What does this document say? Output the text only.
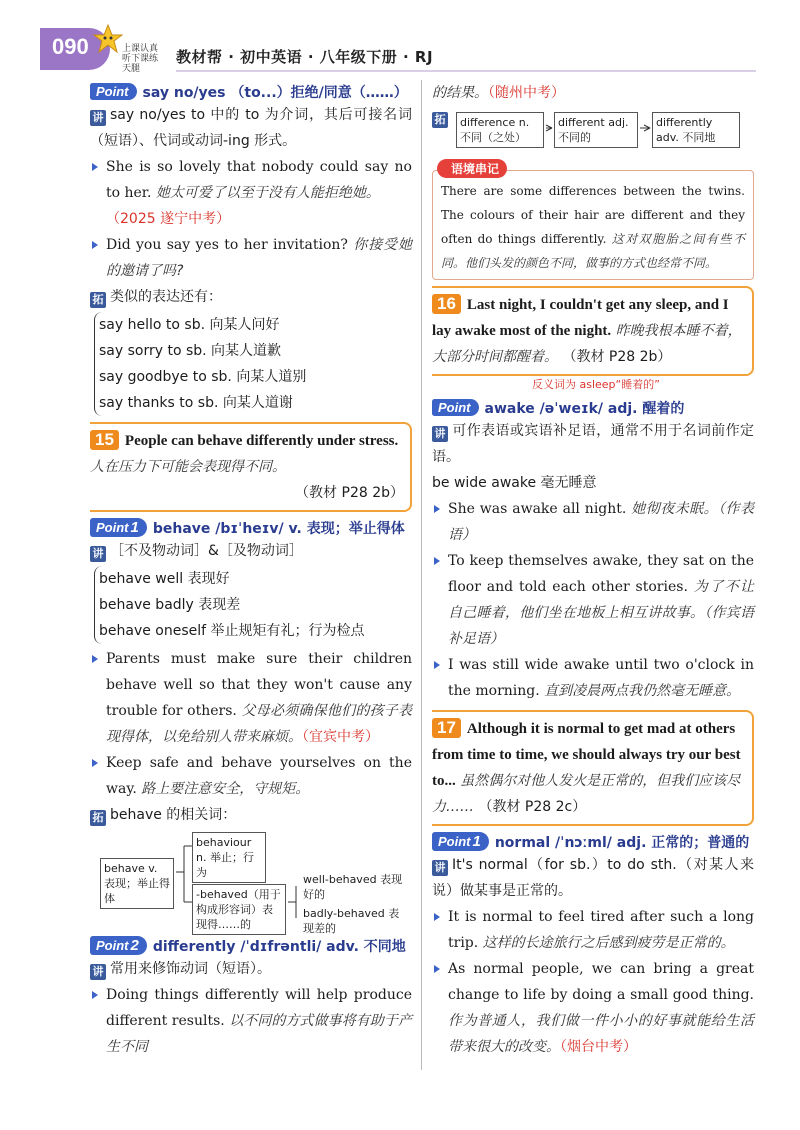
090	上课认真听下课练天腿
教材帮 · 初中英语 · 八年级下册 · RJ
Point say no/yes （to...）拒绝/同意（……）
讲 say no/yes to 中的 to 为介词，其后可接名词（短语）、代词或动词-ing 形式。
She is so lovely that nobody could say no to her. 她太可爱了以至于没有人能拒绝她。
（2025 遂宁中考）
Did you say yes to her invitation? 你接受她的邀请了吗?
拓 类似的表达还有：
say hello to sb. 向某人问好
say sorry to sb. 向某人道歉
say goodbye to sb. 向某人道别
say thanks to sb. 向某人道谢
15 People can behave differently under stress. 人在压力下可能会表现得不同。
（教材 P28 2b）
Point 1 behave /bɪˈheɪv/ v. 表现；举止得体
讲 ［不及物动词］&［及物动词］
behave well 表现好
behave badly 表现差
behave oneself 举止规矩有礼；行为检点
Parents must make sure their children behave well so that they won't cause any trouble for others. 父母必须确保他们的孩子表现得体，以免给别人带来麻烦。（宜宾中考）
Keep safe and behave yourselves on the way. 路上要注意安全，守规矩。
拓 behave 的相关词：
behave v. 表现；举止得体
behaviour n. 举止；行为
-behaved（用于构成形容词）表现得……的
well-behaved 表现好的
badly-behaved 表现差的
Point 2 differently /ˈdɪfrəntli/ adv. 不同地
讲 常用来修饰动词（短语）。
Doing things differently will help produce different results. 以不同的方式做事将有助于产生不同
的结果。（随州中考）
拓	difference n. 不同（之处）
different adj. 不同的
differently adv. 不同地
语境串记
There are some differences between the twins. The colours of their hair are different and they often do things differently. 这对双胞胎之间有些不同。他们头发的颜色不同，做事的方式也经常不同。
16 Last night, I couldn't get any sleep, and I lay awake most of the night. 昨晚我根本睡不着，大部分时间都醒着。 （教材 P28 2b）
反义词为 asleep“睡着的”
Point awake /əˈweɪk/ adj. 醒着的
讲 可作表语或宾语补足语，通常不用于名词前作定语。
be wide awake 毫无睡意
She was awake all night. 她彻夜未眠。（作表语）
To keep themselves awake, they sat on the floor and told each other stories. 为了不让自己睡着，他们坐在地板上相互讲故事。（作宾语补足语）
I was still wide awake until two o'clock in the morning. 直到凌晨两点我仍然毫无睡意。
17 Although it is normal to get mad at others from time to time, we should always try our best to... 虽然偶尔对他人发火是正常的，但我们应该尽力…… （教材 P28 2c）
Point 1 normal /ˈnɔːml/ adj. 正常的；普通的
讲 It's normal（for sb.）to do sth.（对某人来说）做某事是正常的。
It is normal to feel tired after such a long trip. 这样的长途旅行之后感到疲劳是正常的。
As normal people, we can bring a great change to life by doing a small good thing. 作为普通人，我们做一件小小的好事就能给生活带来很大的改变。（烟台中考）
